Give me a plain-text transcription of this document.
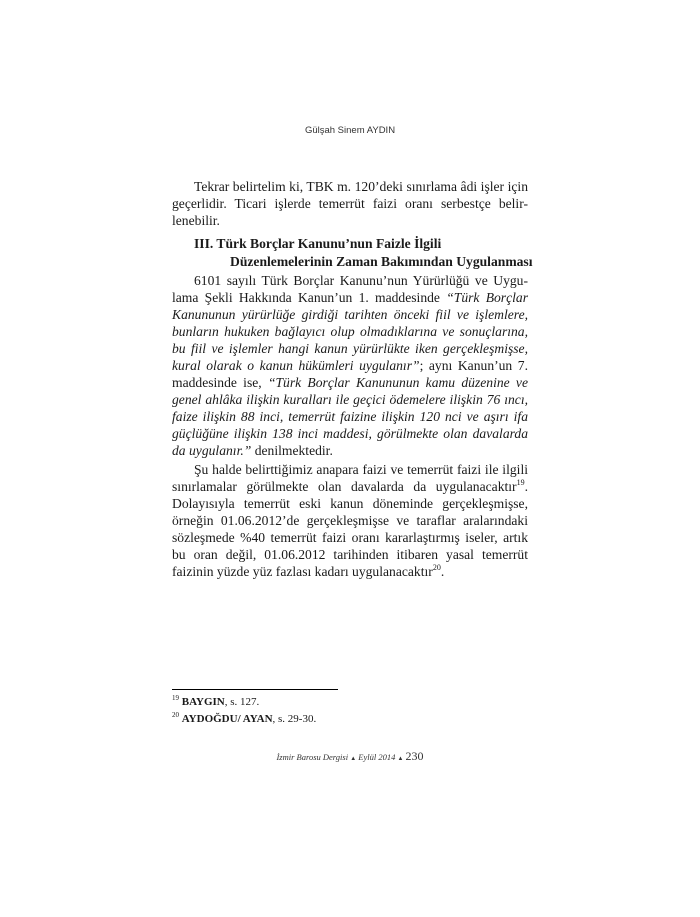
Gülşah Sinem AYDIN
Tekrar belirtelim ki, TBK m. 120’deki sınırlama âdi işler için
geçerlidir. Ticari işlerde temerrüt faizi oranı serbestçe belir-
lenebilir.
III. Türk Borçlar Kanunu’nun Faizle İlgili
Düzenlemelerinin Zaman Bakımından Uygulanması
6101 sayılı Türk Borçlar Kanunu’nun Yürürlüğü ve Uygu-
lama Şekli Hakkında Kanun’un 1. maddesinde “Türk Borçlar
Kanununun yürürlüğe girdiği tarihten önceki fiil ve işlemlere,
bunların hukuken bağlayıcı olup olmadıklarına ve sonuçlarına,
bu fiil ve işlemler hangi kanun yürürlükte iken gerçekleşmişse,
kural olarak o kanun hükümleri uygulanır”; aynı Kanun’un 7.
maddesinde ise, “Türk Borçlar Kanununun kamu düzenine ve
genel ahlâka ilişkin kuralları ile geçici ödemelere ilişkin 76 ıncı,
faize ilişkin 88 inci, temerrüt faizine ilişkin 120 nci ve aşırı ifa
güçlüğüne ilişkin 138 inci maddesi, görülmekte olan davalarda
da uygulanır.” denilmektedir.
Şu halde belirttiğimiz anapara faizi ve temerrüt faizi ile ilgili
sınırlamalar görülmekte olan davalarda da uygulanacaktır$^{19}$.
Dolayısıyla temerrüt eski kanun döneminde gerçekleşmişse,
örneğin 01.06.2012’de gerçekleşmişse ve taraflar aralarındaki
sözleşmede %40 temerrüt faizi oranı kararlaştırmış iseler, artık
bu oran değil, 01.06.2012 tarihinden itibaren yasal temerrüt
faizinin yüzde yüz fazlası kadarı uygulanacaktır$^{20}$.
$^{19}$ BAYGIN, s. 127.
$^{20}$ AYDOĞDU/ AYAN, s. 29-30.
İzmir Barosu Dergisi ▲ Eylül 2014 ▲ 230
